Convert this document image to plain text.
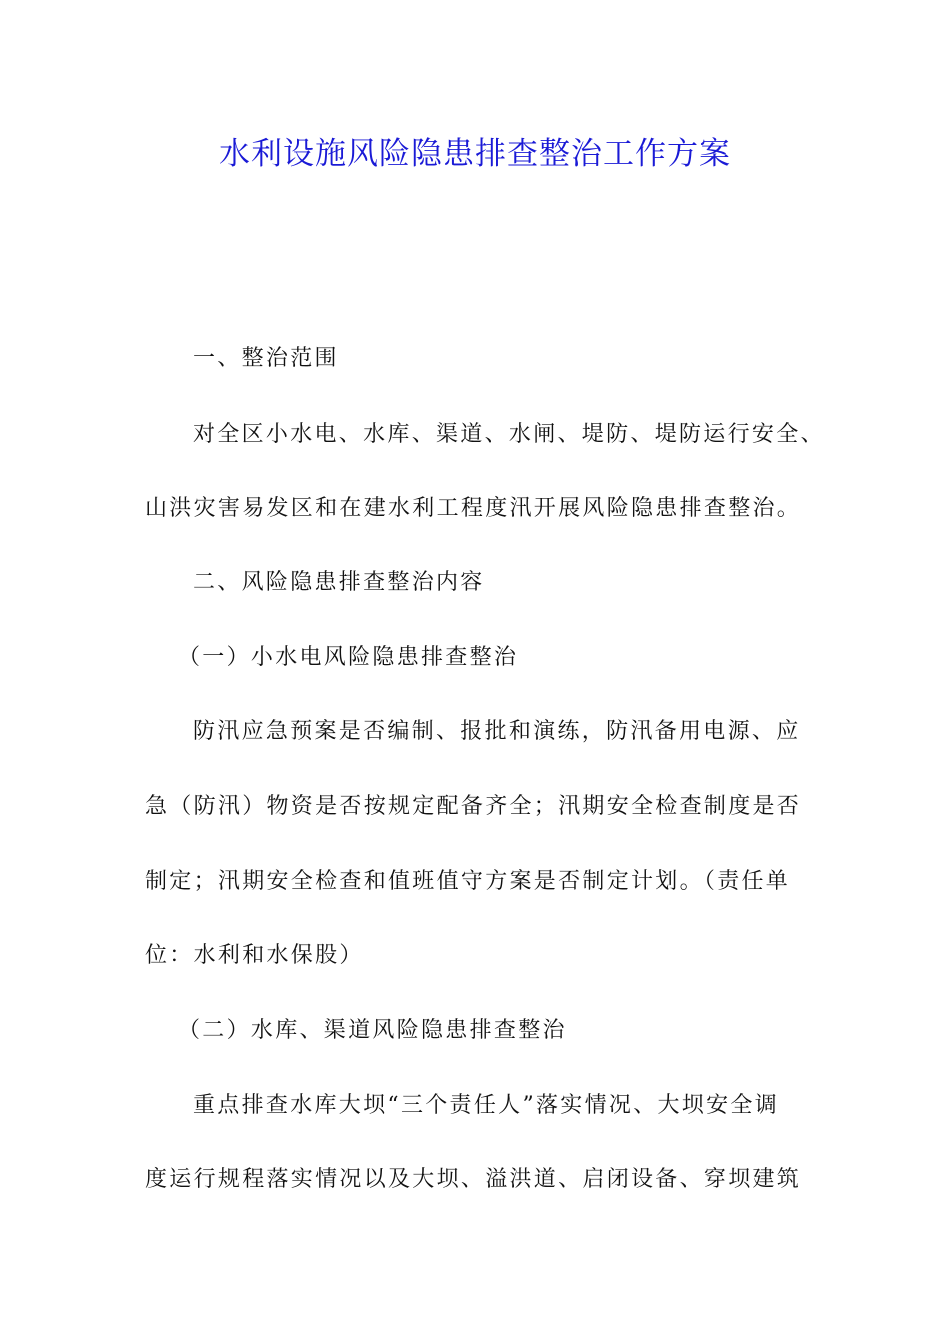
水利设施风险隐患排查整治工作方案
一、整治范围
对全区小水电、水库、渠道、水闸、堤防、堤防运行安全、
山洪灾害易发区和在建水利工程度汛开展风险隐患排查整治。
二、风险隐患排查整治内容
（一）小水电风险隐患排查整治
防汛应急预案是否编制、报批和演练，防汛备用电源、应
急（防汛）物资是否按规定配备齐全；汛期安全检查制度是否
制定；汛期安全检查和值班值守方案是否制定计划。（责任单
位：水利和水保股）
（二）水库、渠道风险隐患排查整治
重点排查水库大坝“三个责任人”落实情况、大坝安全调
度运行规程落实情况以及大坝、溢洪道、启闭设备、穿坝建筑
